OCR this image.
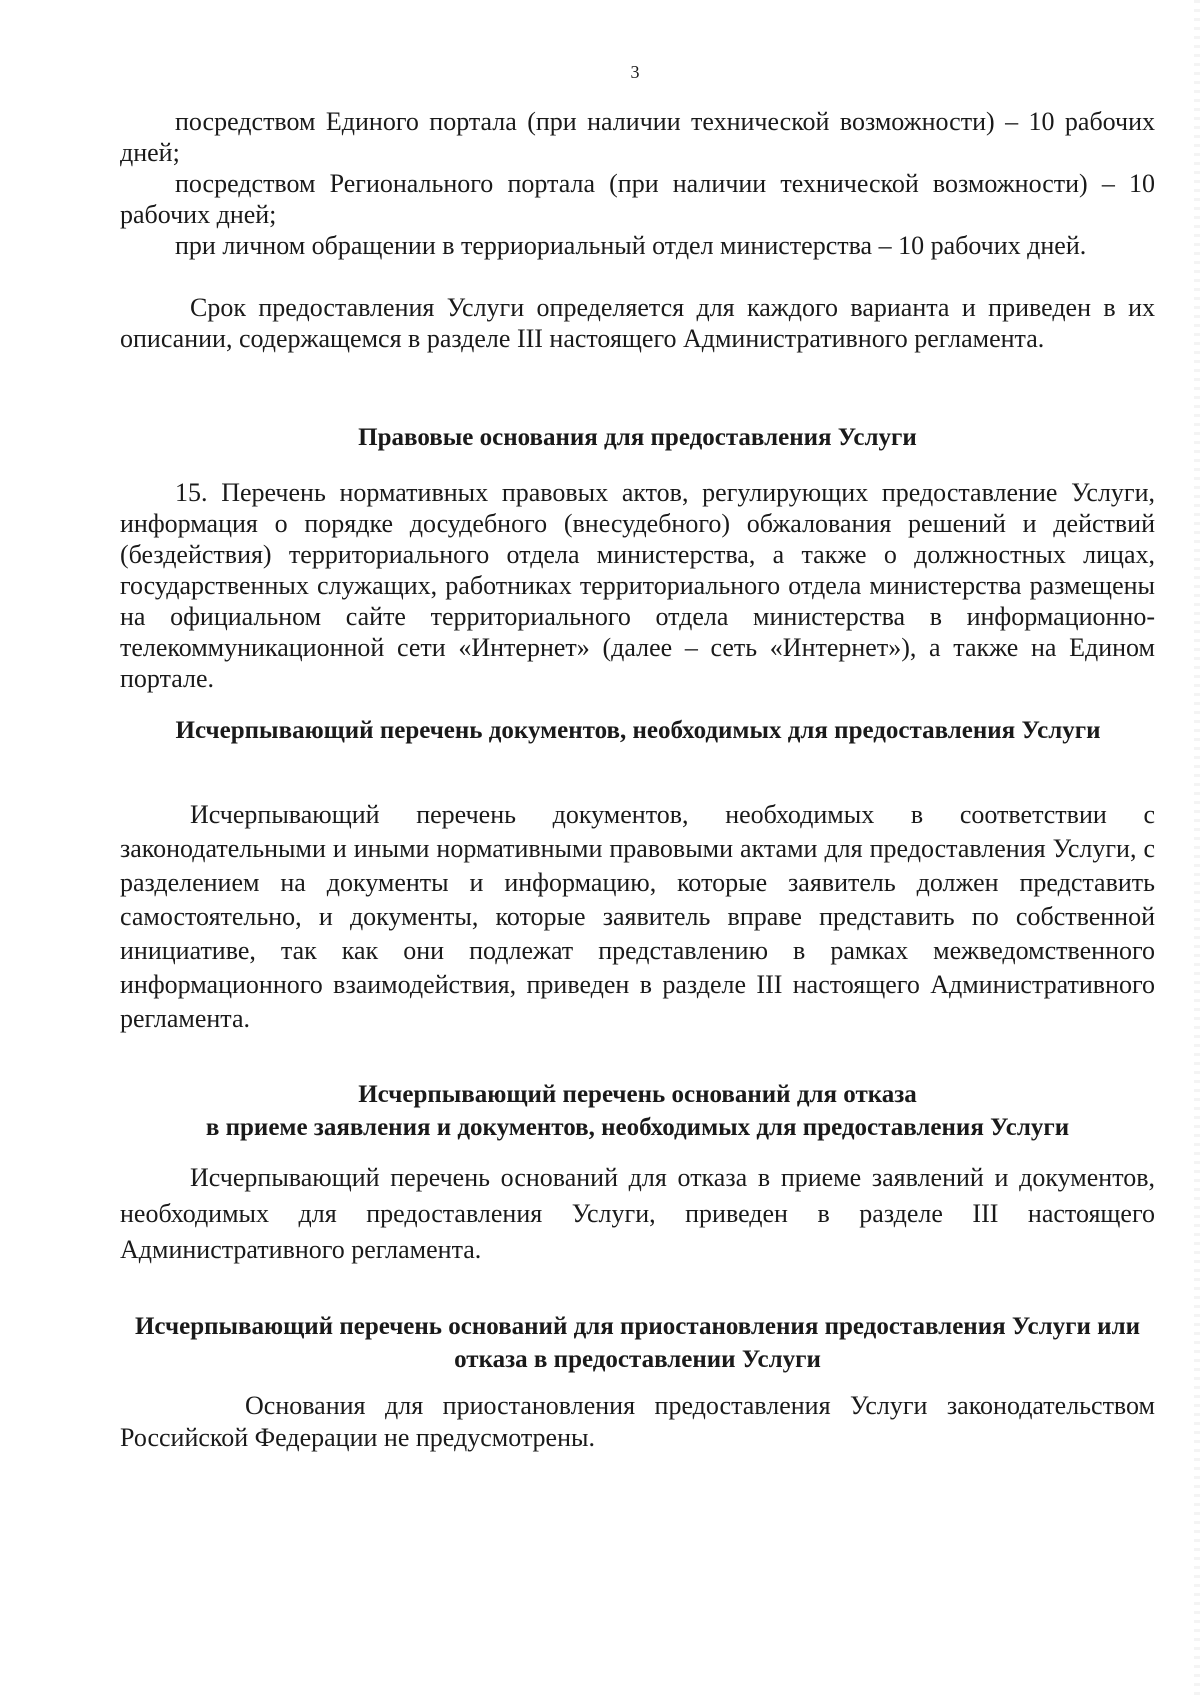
3

посредством Единого портала (при наличии технической возможности) – 10 рабочих дней;

посредством Регионального портала (при наличии технической возможности) – 10 рабочих дней;

при личном обращении в терриориальный отдел министерства – 10 рабочих дней.

Срок предоставления Услуги определяется для каждого варианта и приведен в их описании, содержащемся в разделе III настоящего Административного регламента.

Правовые основания для предоставления Услуги

15. Перечень нормативных правовых актов, регулирующих предоставление Услуги, информация о порядке досудебного (внесудебного) обжалования решений и действий (бездействия) территориального отдела министерства, а также о должностных лицах, государственных служащих, работниках территориального отдела министерства размещены на официальном сайте территориального отдела министерства в информационно-телекоммуникационной сети «Интернет» (далее – сеть «Интернет»), а также на Едином портале.

Исчерпывающий перечень документов, необходимых для предоставления Услуги

Исчерпывающий перечень документов, необходимых в соответствии с законодательными и иными нормативными правовыми актами для предоставления Услуги, с разделением на документы и информацию, которые заявитель должен представить самостоятельно, и документы, которые заявитель вправе представить по собственной инициативе, так как они подлежат представлению в рамках межведомственного информационного взаимодействия, приведен в разделе III настоящего Административного регламента.

Исчерпывающий перечень оснований для отказа
в приеме заявления и документов, необходимых для предоставления Услуги

Исчерпывающий перечень оснований для отказа в приеме заявлений и документов, необходимых для предоставления Услуги, приведен в разделе III настоящего Административного регламента.

Исчерпывающий перечень оснований для приостановления предоставления Услуги или отказа в предоставлении Услуги

Основания для приостановления предоставления Услуги законодательством Российской Федерации не предусмотрены.
